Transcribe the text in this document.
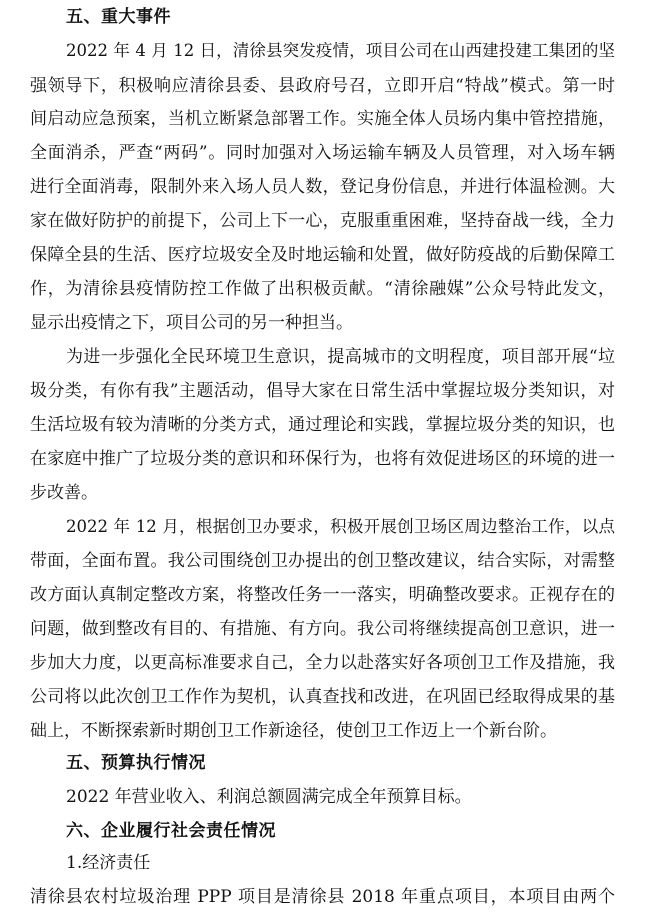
五、重大事件
2022 年 4 月 12 日，清徐县突发疫情，项目公司在山西建投建工集团的坚
强领导下，积极响应清徐县委、县政府号召，立即开启“特战”模式。第一时
间启动应急预案，当机立断紧急部署工作。实施全体人员场内集中管控措施，
全面消杀，严查“两码”。同时加强对入场运输车辆及人员管理，对入场车辆
进行全面消毒，限制外来入场人员人数，登记身份信息，并进行体温检测。大
家在做好防护的前提下，公司上下一心，克服重重困难，坚持奋战一线，全力
保障全县的生活、医疗垃圾安全及时地运输和处置，做好防疫战的后勤保障工
作，为清徐县疫情防控工作做了出积极贡献。“清徐融媒”公众号特此发文，
显示出疫情之下，项目公司的另一种担当。
为进一步强化全民环境卫生意识，提高城市的文明程度，项目部开展“垃
圾分类，有你有我”主题活动，倡导大家在日常生活中掌握垃圾分类知识，对
生活垃圾有较为清晰的分类方式，通过理论和实践，掌握垃圾分类的知识，也
在家庭中推广了垃圾分类的意识和环保行为，也将有效促进场区的环境的进一
步改善。
2022 年 12 月，根据创卫办要求，积极开展创卫场区周边整治工作，以点
带面，全面布置。我公司围绕创卫办提出的创卫整改建议，结合实际，对需整
改方面认真制定整改方案，将整改任务一一落实，明确整改要求。正视存在的
问题，做到整改有目的、有措施、有方向。我公司将继续提高创卫意识，进一
步加大力度，以更高标准要求自己，全力以赴落实好各项创卫工作及措施，我
公司将以此次创卫工作作为契机，认真查找和改进，在巩固已经取得成果的基
础上，不断探索新时期创卫工作新途径，使创卫工作迈上一个新台阶。
五、预算执行情况
2022 年营业收入、利润总额圆满完成全年预算目标。
六、企业履行社会责任情况
1.经济责任
清徐县农村垃圾治理 PPP 项目是清徐县 2018 年重点项目，本项目由两个
